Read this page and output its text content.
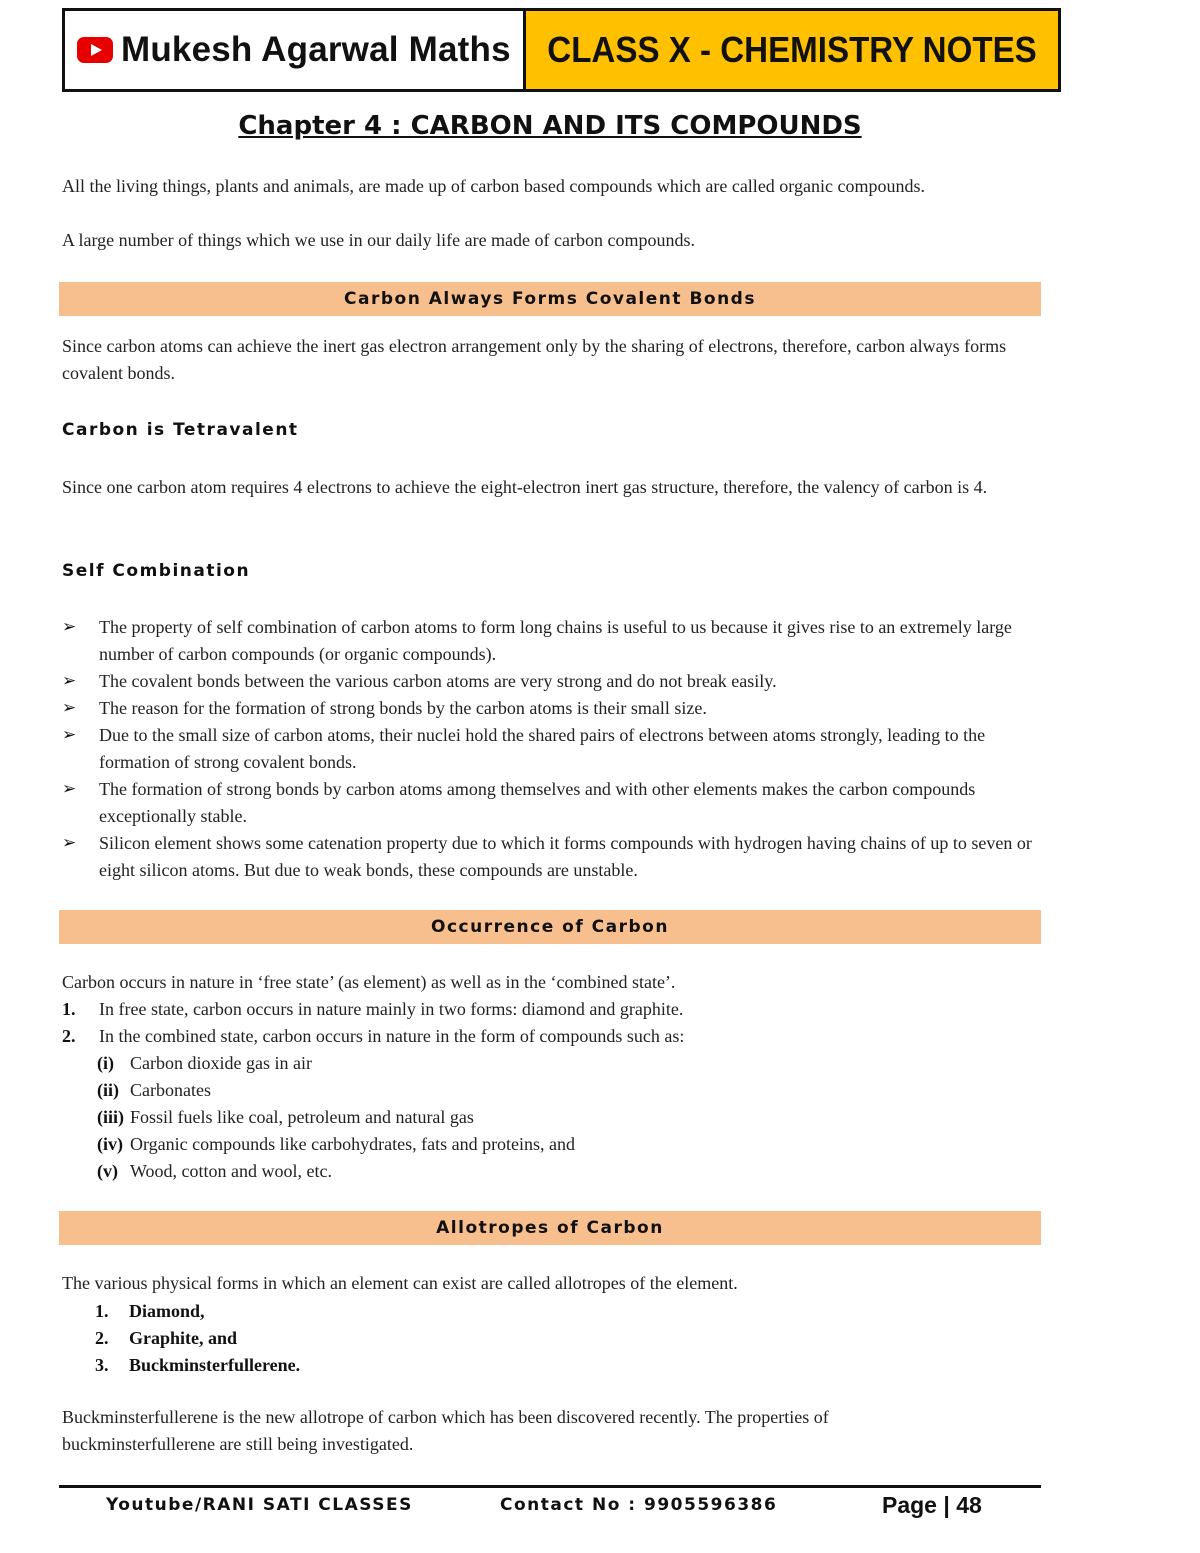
Mukesh Agarwal Maths CLASS X - CHEMISTRY NOTES
Chapter 4 : CARBON AND ITS COMPOUNDS
All the living things, plants and animals, are made up of carbon based compounds which are called organic compounds.
A large number of things which we use in our daily life are made of carbon compounds.
Carbon Always Forms Covalent Bonds
Since carbon atoms can achieve the inert gas electron arrangement only by the sharing of electrons, therefore, carbon always forms covalent bonds.
Carbon is Tetravalent
Since one carbon atom requires 4 electrons to achieve the eight-electron inert gas structure, therefore, the valency of carbon is 4.
Self Combination
➢	The property of self combination of carbon atoms to form long chains is useful to us because it gives rise to an extremely large number of carbon compounds (or organic compounds).
➢	The covalent bonds between the various carbon atoms are very strong and do not break easily.
➢	The reason for the formation of strong bonds by the carbon atoms is their small size.
➢	Due to the small size of carbon atoms, their nuclei hold the shared pairs of electrons between atoms strongly, leading to the formation of strong covalent bonds.
➢	The formation of strong bonds by carbon atoms among themselves and with other elements makes the carbon compounds exceptionally stable.
➢	Silicon element shows some catenation property due to which it forms compounds with hydrogen having chains of up to seven or eight silicon atoms. But due to weak bonds, these compounds are unstable.
Occurrence of Carbon
Carbon occurs in nature in ‘free state’ (as element) as well as in the ‘combined state’.
1. In free state, carbon occurs in nature mainly in two forms: diamond and graphite.
2. In the combined state, carbon occurs in nature in the form of compounds such as:
(i) Carbon dioxide gas in air
(ii) Carbonates
(iii) Fossil fuels like coal, petroleum and natural gas
(iv) Organic compounds like carbohydrates, fats and proteins, and
(v) Wood, cotton and wool, etc.
Allotropes of Carbon
The various physical forms in which an element can exist are called allotropes of the element.
1. Diamond,
2. Graphite, and
3. Buckminsterfullerene.
Buckminsterfullerene is the new allotrope of carbon which has been discovered recently. The properties of buckminsterfullerene are still being investigated.
Youtube/RANI SATI CLASSES	Contact No : 9905596386	Page | 48
